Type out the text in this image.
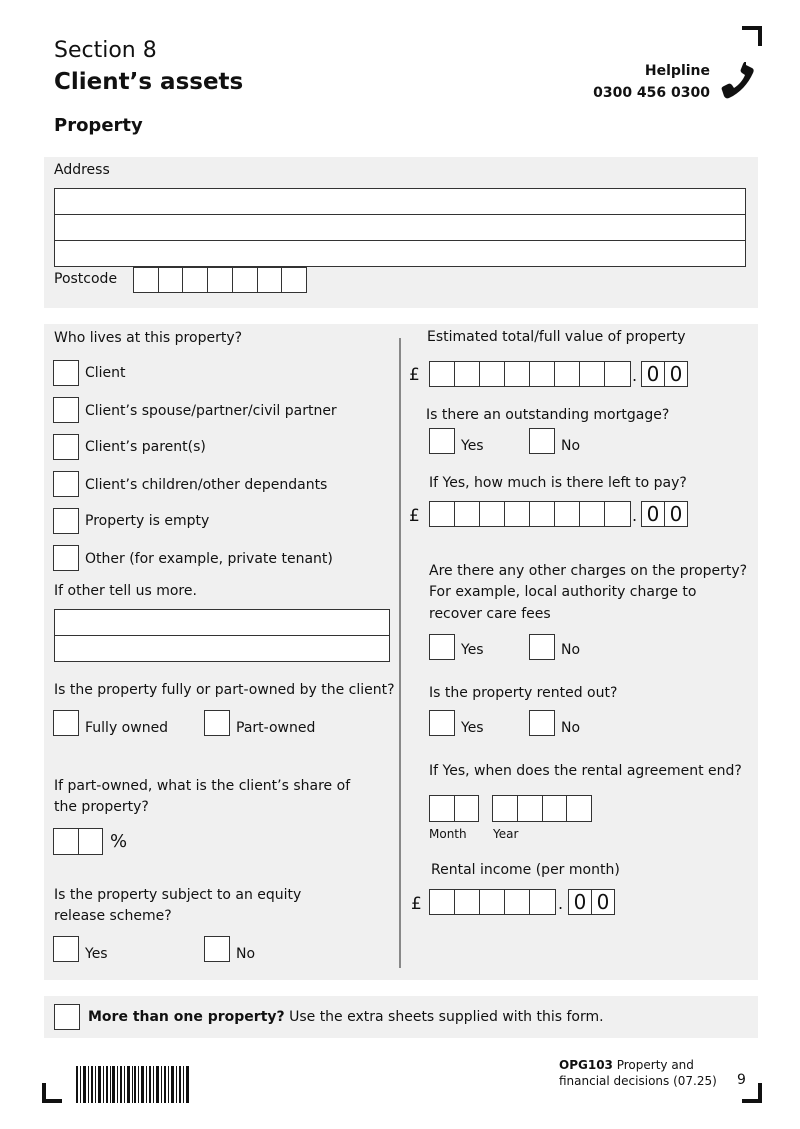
Section 8
Client’s assets
Property
Helpline
0300 456 0300
Address
Postcode
Who lives at this property?
Client
Client’s spouse/partner/civil partner
Client’s parent(s)
Client’s children/other dependants
Property is empty
Other (for example, private tenant)
If other tell us more.
Is the property fully or part-owned by the client?
Fully owned	Part-owned
If part-owned, what is the client’s share of
the property?
%
Is the property subject to an equity
release scheme?
Yes	No
Estimated total/full value of property
£	. 0 0
Is there an outstanding mortgage?
Yes	No
If Yes, how much is there left to pay?
£	. 0 0
Are there any other charges on the property?
For example, local authority charge to
recover care fees
Yes	No
Is the property rented out?
Yes	No
If Yes, when does the rental agreement end?
Month Year
Rental income (per month)
£	. 0 0
More than one property? Use the extra sheets supplied with this form.
OPG103 Property and
financial decisions (07.25) 9
